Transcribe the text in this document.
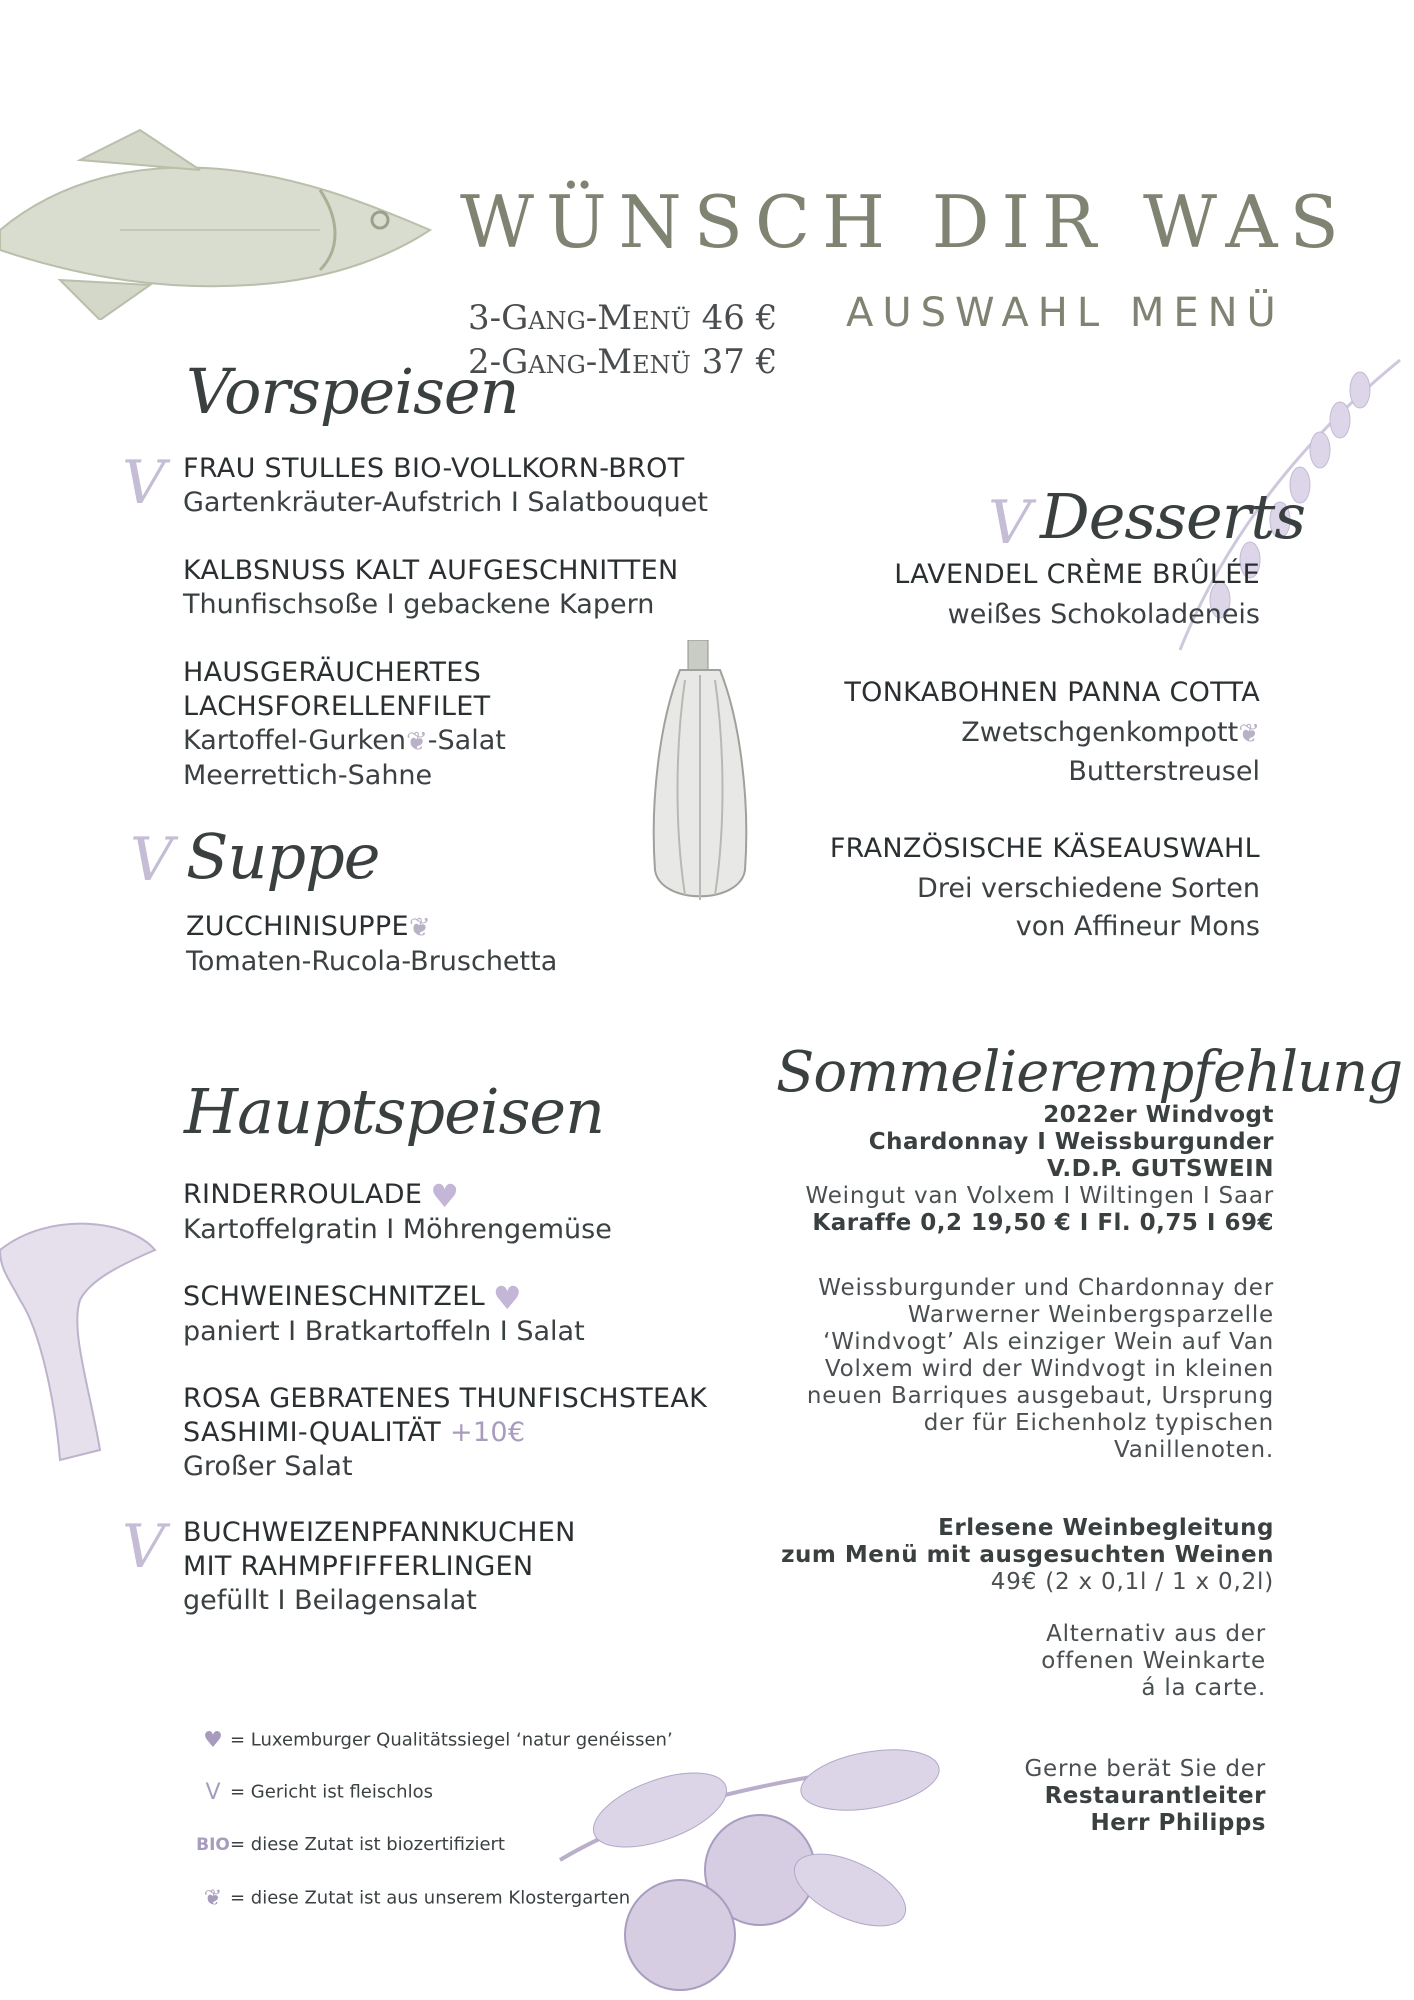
WÜNSCH DIR WAS
3-Gang-Menü 46 €
2-Gang-Menü 37 €
AUSWAHL MENÜ
Vorspeisen
V FRAU STULLES BIO-VOLLKORN-BROT
Gartenkräuter-Aufstrich I Salatbouquet
KALBSNUSS KALT AUFGESCHNITTEN
Thunfischsoße I gebackene Kapern
HAUSGERÄUCHERTES
LACHSFORELLENFILET
Kartoffel-Gurken❦-Salat
Meerrettich-Sahne
V Suppe
ZUCCHINISUPPE❦
Tomaten-Rucola-Bruschetta
Hauptspeisen
RINDERROULADE ♥
Kartoffelgratin I Möhrengemüse
SCHWEINESCHNITZEL ♥
paniert I Bratkartoffeln I Salat
ROSA GEBRATENES THUNFISCHSTEAK
SASHIMI-QUALITÄT +10€
Großer Salat
V BUCHWEIZENPFANNKUCHEN
MIT RAHMPFIFFERLINGEN
gefüllt I Beilagensalat
V Desserts
LAVENDEL CRÈME BRÛLÉE
weißes Schokoladeneis
TONKABOHNEN PANNA COTTA
Zwetschgenkompott❦
Butterstreusel
FRANZÖSISCHE KÄSEAUSWAHL
Drei verschiedene Sorten
von Affineur Mons
Sommelierempfehlung
2022er Windvogt
Chardonnay I Weissburgunder
V.D.P. GUTSWEIN
Weingut van Volxem I Wiltingen I Saar
Karaffe 0,2 19,50 € I Fl. 0,75 I 69€
Weissburgunder und Chardonnay der
Warwerner Weinbergsparzelle
‘Windvogt’ Als einziger Wein auf Van
Volxem wird der Windvogt in kleinen
neuen Barriques ausgebaut, Ursprung
der für Eichenholz typischen
Vanillenoten.
Erlesene Weinbegleitung
zum Menü mit ausgesuchten Weinen
49€ (2 x 0,1l / 1 x 0,2l)
Alternativ aus der
offenen Weinkarte
á la carte.
Gerne berät Sie der
Restaurantleiter
Herr Philipps
♥ = Luxemburger Qualitätssiegel ‘natur genéissen’
V = Gericht ist fleischlos
BIO= diese Zutat ist biozertifiziert
❦ = diese Zutat ist aus unserem Klostergarten
